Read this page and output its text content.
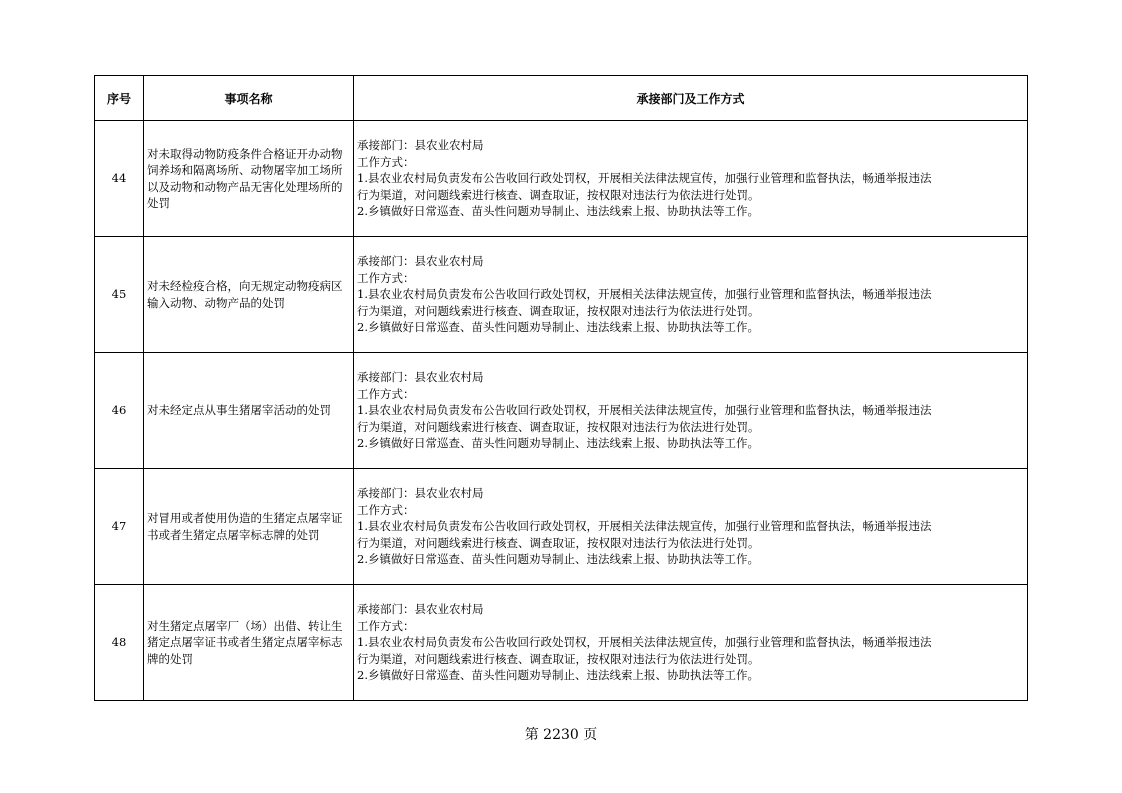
序号	事项名称	承接部门及工作方式
44	对未取得动物防疫条件合格证开办动物饲养场和隔离场所、动物屠宰加工场所以及动物和动物产品无害化处理场所的处罚	承接部门：县农业农村局
工作方式：
1.县农业农村局负责发布公告收回行政处罚权，开展相关法律法规宣传，加强行业管理和监督执法，畅通举报违法
行为渠道，对问题线索进行核查、调查取证，按权限对违法行为依法进行处罚。
2.乡镇做好日常巡查、苗头性问题劝导制止、违法线索上报、协助执法等工作。

45	对未经检疫合格，向无规定动物疫病区输入动物、动物产品的处罚	承接部门：县农业农村局
工作方式：
1.县农业农村局负责发布公告收回行政处罚权，开展相关法律法规宣传，加强行业管理和监督执法，畅通举报违法
行为渠道，对问题线索进行核查、调查取证，按权限对违法行为依法进行处罚。
2.乡镇做好日常巡查、苗头性问题劝导制止、违法线索上报、协助执法等工作。

46	对未经定点从事生猪屠宰活动的处罚	承接部门：县农业农村局
工作方式：
1.县农业农村局负责发布公告收回行政处罚权，开展相关法律法规宣传，加强行业管理和监督执法，畅通举报违法
行为渠道，对问题线索进行核查、调查取证，按权限对违法行为依法进行处罚。
2.乡镇做好日常巡查、苗头性问题劝导制止、违法线索上报、协助执法等工作。

47	对冒用或者使用伪造的生猪定点屠宰证书或者生猪定点屠宰标志牌的处罚	承接部门：县农业农村局
工作方式：
1.县农业农村局负责发布公告收回行政处罚权，开展相关法律法规宣传，加强行业管理和监督执法，畅通举报违法
行为渠道，对问题线索进行核查、调查取证，按权限对违法行为依法进行处罚。
2.乡镇做好日常巡查、苗头性问题劝导制止、违法线索上报、协助执法等工作。

48	对生猪定点屠宰厂（场）出借、转让生猪定点屠宰证书或者生猪定点屠宰标志牌的处罚	承接部门：县农业农村局
工作方式：
1.县农业农村局负责发布公告收回行政处罚权，开展相关法律法规宣传，加强行业管理和监督执法，畅通举报违法
行为渠道，对问题线索进行核查、调查取证，按权限对违法行为依法进行处罚。
2.乡镇做好日常巡查、苗头性问题劝导制止、违法线索上报、协助执法等工作。
第 2230 页
